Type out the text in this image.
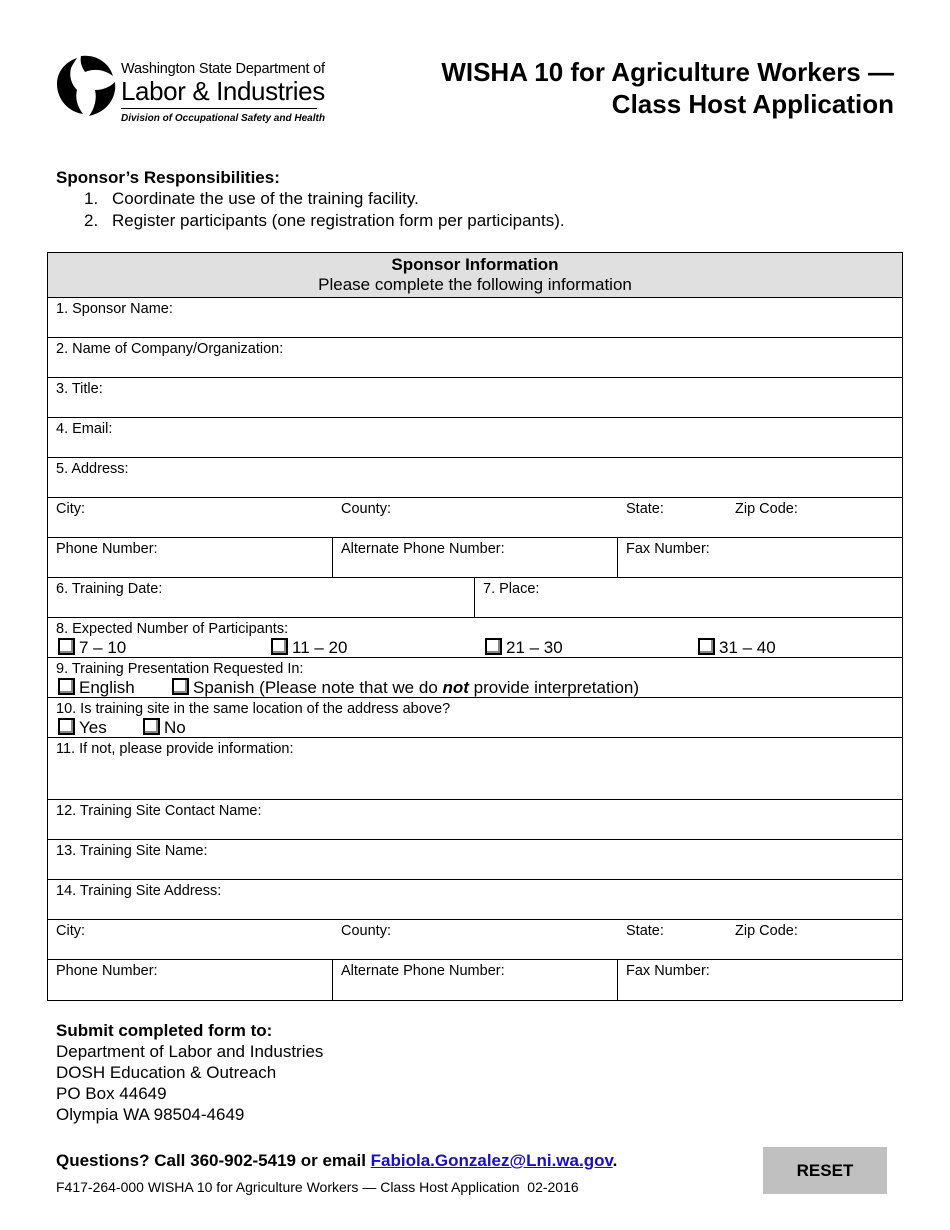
Washington State Department of
Labor & Industries
Division of Occupational Safety and Health
WISHA 10 for Agriculture Workers —
Class Host Application
Sponsor’s Responsibilities:
1. Coordinate the use of the training facility.
2. Register participants (one registration form per participants).
Sponsor Information
Please complete the following information
1. Sponsor Name:
2. Name of Company/Organization:
3. Title:
4. Email:
5. Address:
City:	County:	State:	Zip Code:
Phone Number:	Alternate Phone Number:	Fax Number:
6. Training Date:	7. Place:
8. Expected Number of Participants:
7 – 10	11 – 20	21 – 30	31 – 40
9. Training Presentation Requested In:
English	Spanish (Please note that we do not provide interpretation)
10. Is training site in the same location of the address above?
Yes	No
11. If not, please provide information:
12. Training Site Contact Name:
13. Training Site Name:
14. Training Site Address:
City:	County:	State:	Zip Code:
Phone Number:	Alternate Phone Number:	Fax Number:
Submit completed form to:
Department of Labor and Industries
DOSH Education & Outreach
PO Box 44649
Olympia WA 98504-4649
Questions? Call 360-902-5419 or email Fabiola.Gonzalez@Lni.wa.gov.
F417-264-000 WISHA 10 for Agriculture Workers — Class Host Application  02-2016
RESET
